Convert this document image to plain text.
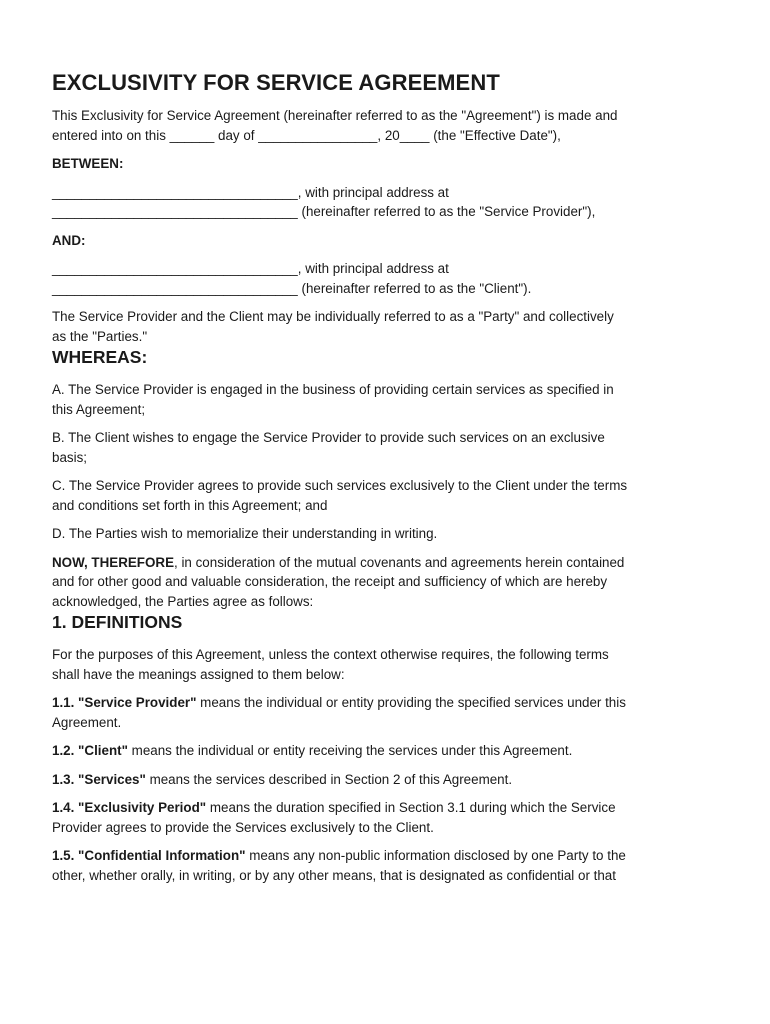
EXCLUSIVITY FOR SERVICE AGREEMENT

This Exclusivity for Service Agreement (hereinafter referred to as the "Agreement") is made and
entered into on this ______ day of ________________, 20____ (the "Effective Date"),

BETWEEN:

_________________________________, with principal address at
_________________________________ (hereinafter referred to as the "Service Provider"),

AND:

_________________________________, with principal address at
_________________________________ (hereinafter referred to as the "Client").

The Service Provider and the Client may be individually referred to as a "Party" and collectively
as the "Parties."

WHEREAS:

A. The Service Provider is engaged in the business of providing certain services as specified in
this Agreement;

B. The Client wishes to engage the Service Provider to provide such services on an exclusive
basis;

C. The Service Provider agrees to provide such services exclusively to the Client under the terms
and conditions set forth in this Agreement; and

D. The Parties wish to memorialize their understanding in writing.

NOW, THEREFORE, in consideration of the mutual covenants and agreements herein contained
and for other good and valuable consideration, the receipt and sufficiency of which are hereby
acknowledged, the Parties agree as follows:

1. DEFINITIONS

For the purposes of this Agreement, unless the context otherwise requires, the following terms
shall have the meanings assigned to them below:

1.1. "Service Provider" means the individual or entity providing the specified services under this
Agreement.

1.2. "Client" means the individual or entity receiving the services under this Agreement.

1.3. "Services" means the services described in Section 2 of this Agreement.

1.4. "Exclusivity Period" means the duration specified in Section 3.1 during which the Service
Provider agrees to provide the Services exclusively to the Client.

1.5. "Confidential Information" means any non-public information disclosed by one Party to the
other, whether orally, in writing, or by any other means, that is designated as confidential or that
